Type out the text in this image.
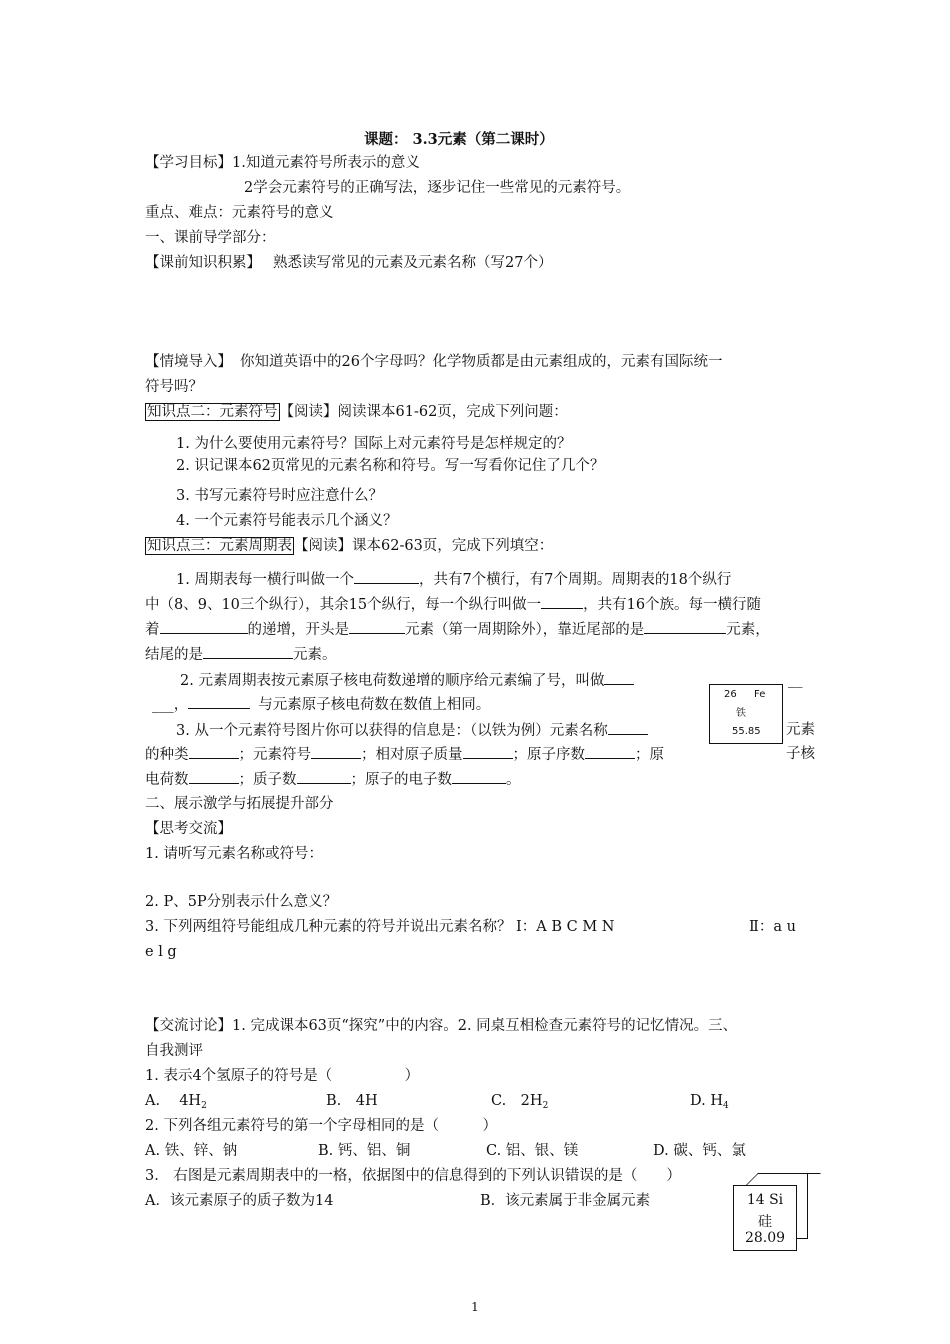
课题： 3.3元素（第二课时）
【学习目标】1.知道元素符号所表示的意义
2学会元素符号的正确写法，逐步记住一些常见的元素符号。
重点、难点：元素符号的意义
一、课前导学部分：
【课前知识积累】 熟悉读写常见的元素及元素名称（写27个）
【情境导入】 你知道英语中的26个字母吗？化学物质都是由元素组成的，元素有国际统一
符号吗？
知识点二：元素符号 【阅读】阅读课本61-62页，完成下列问题：
1. 为什么要使用元素符号？国际上对元素符号是怎样规定的？
2. 识记课本62页常见的元素名称和符号。写一写看你记住了几个？
3. 书写元素符号时应注意什么？
4. 一个元素符号能表示几个涵义？
知识点三：元素周期表 【阅读】课本62-63页，完成下列填空：
1. 周期表每一横行叫做一个	，共有7个横行，有7个周期。周期表的18个纵行
中（8、9、10三个纵行），其余15个纵行，每一个纵行叫做一	，共有16个族。每一横行随
着	的递增，开头是	元素（第一周期除外），靠近尾部的是	元素，
结尾的是	元素。
2. 元素周期表按元素原子核电荷数递增的顺序给元素编了号，叫做	__
___，	与元素原子核电荷数在数值上相同。
3. 从一个元素符号图片你可以获得的信息是：（以铁为例）元素名称	元素
的种类	；元素符号	；相对原子质量	；原子序数	；原	子核
电荷数	；质子数	；原子的电子数	。
26 Fe
铁
55.85
二、展示激学与拓展提升部分
【思考交流】
1. 请听写元素名称或符号：
2. P、5P分别表示什么意义？
3. 下列两组符号能组成几种元素的符号并说出元素名称？ Ⅰ：A B C M N	Ⅱ：a u
e l g
【交流讨论】1. 完成课本63页“探究”中的内容。2. 同桌互相检查元素符号的记忆情况。三、
自我测评
1. 表示4个氢原子的符号是（　　　　　）
A.　 $4H_2$	B.　4H	C.　$2H_2$	D. $H_4$
2. 下列各组元素符号的第一个字母相同的是（　　　）
A. 铁、锌、钠	B. 钙、铝、铜	C. 铝、银、镁	D. 碳、钙、氯
3.　右图是元素周期表中的一格，依据图中的信息得到的下列认识错误的是（　　）
A．该元素原子的质子数为14	B．该元素属于非金属元素	14 Si
硅
28.09
1
